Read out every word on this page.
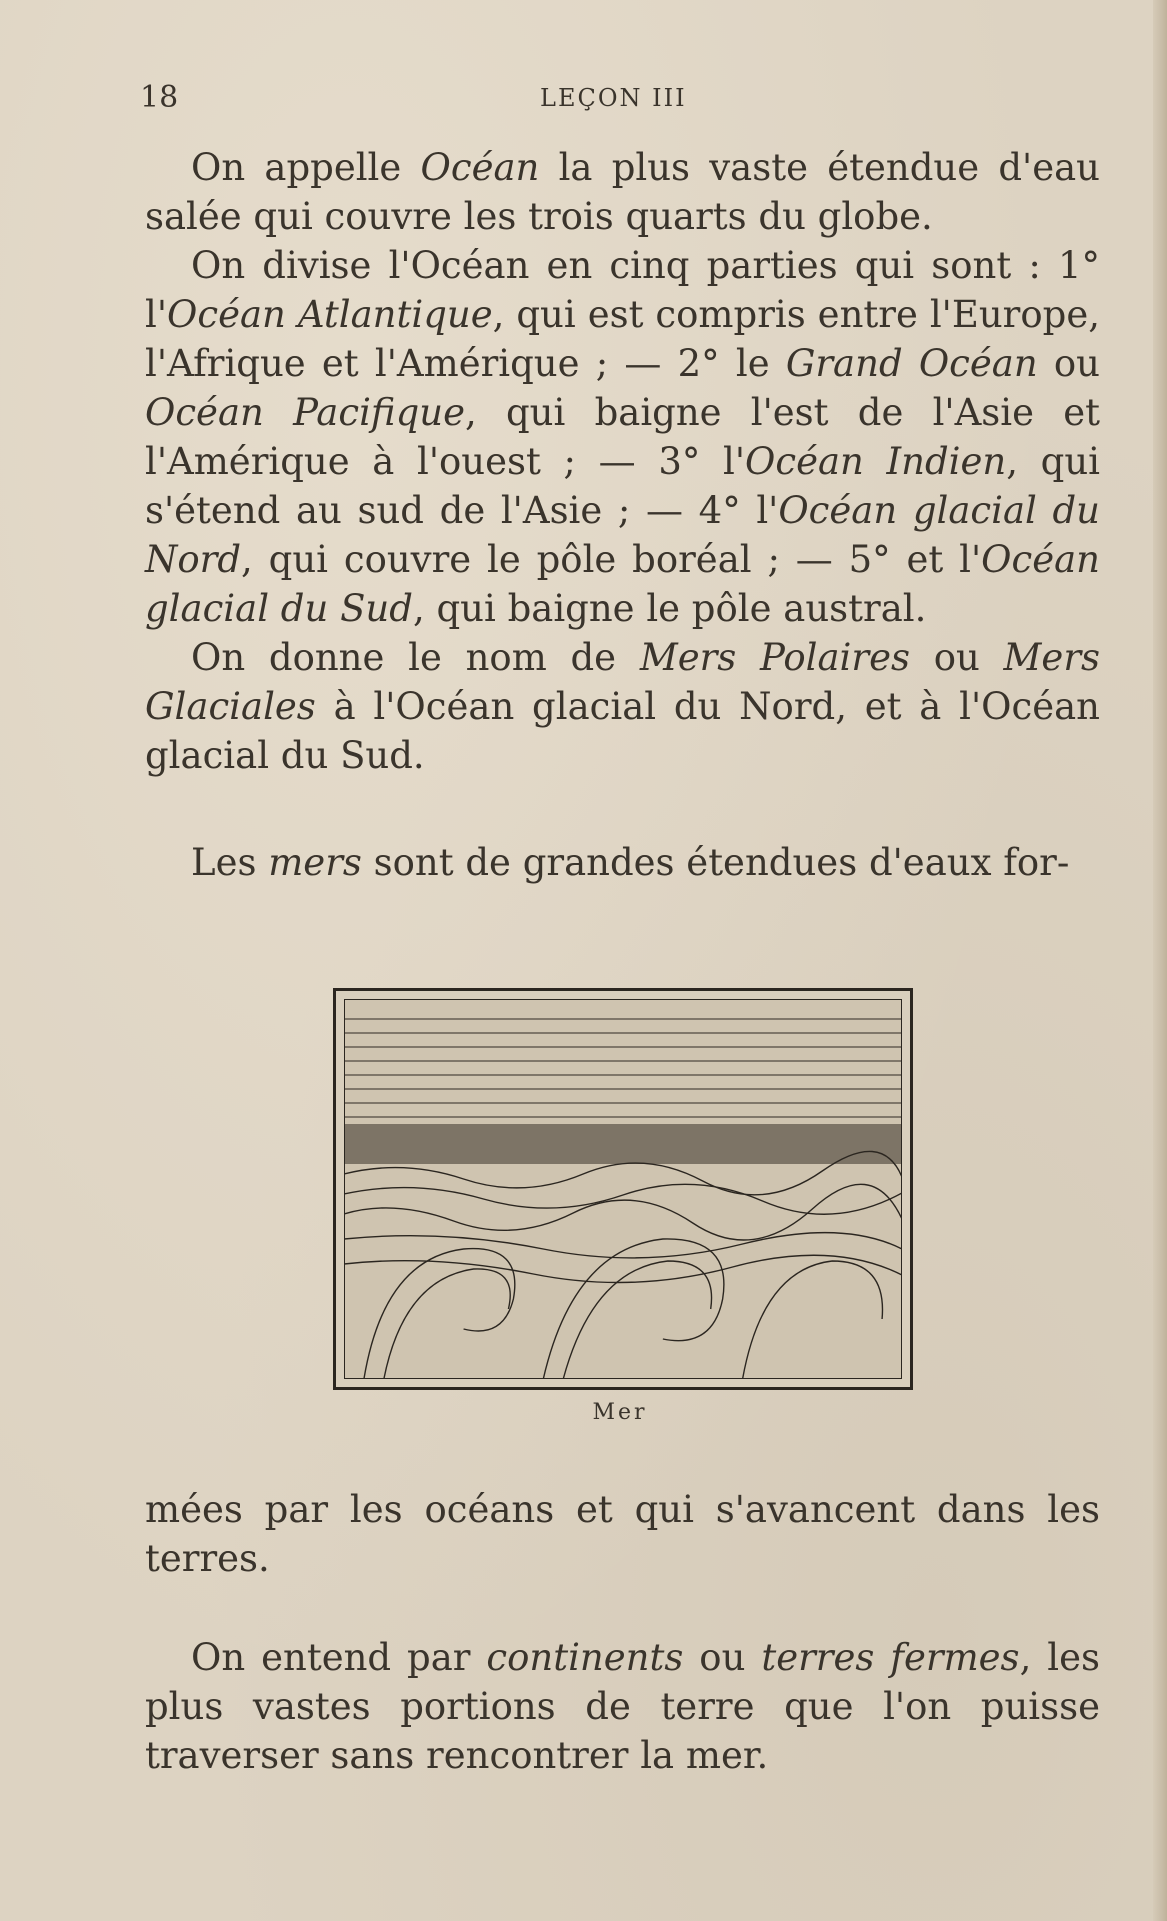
18	LEÇON III

On appelle Océan la plus vaste étendue d'eau salée qui couvre les trois quarts du globe.

On divise l'Océan en cinq parties qui sont : 1° l'Océan Atlantique, qui est compris entre l'Europe, l'Afrique et l'Amérique ; — 2° le Grand Océan ou Océan Pacifique, qui baigne l'est de l'Asie et l'Amérique à l'ouest ; — 3° l'Océan Indien, qui s'étend au sud de l'Asie ; — 4° l'Océan glacial du Nord, qui couvre le pôle boréal ; — 5° et l'Océan glacial du Sud, qui baigne le pôle austral.

On donne le nom de Mers Polaires ou Mers Glaciales à l'Océan glacial du Nord, et à l'Océan glacial du Sud.

Les mers sont de grandes étendues d'eaux for-

Mer

mées par les océans et qui s'avancent dans les terres.

On entend par continents ou terres fermes, les plus vastes portions de terre que l'on puisse traverser sans rencontrer la mer.
